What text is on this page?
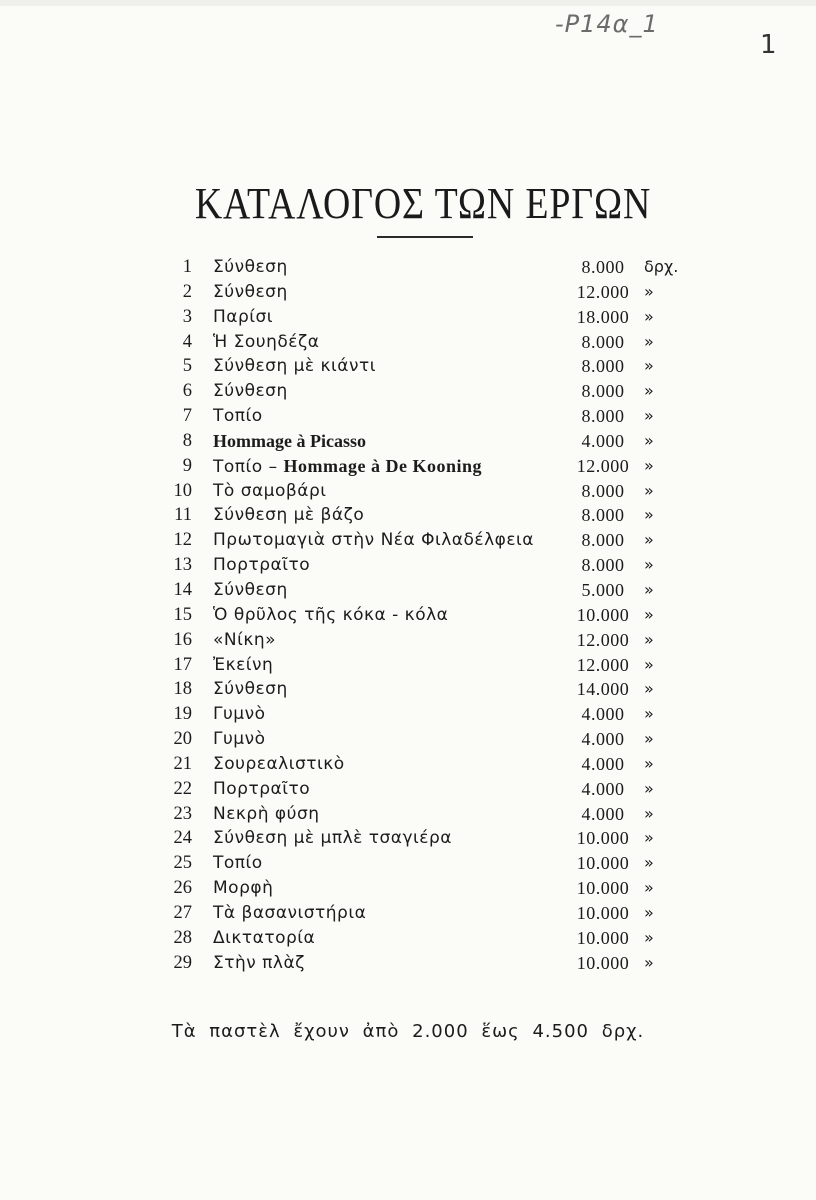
-Ρ14α_1
1
ΚΑΤΑΛΟΓΟΣ ΤΩΝ ΕΡΓΩΝ
1 Σύνθεση	8.000	δρχ.
2 Σύνθεση	12.000 »
3 Παρίσι	18.000 »
4 Ἡ Σουηδέζα	8.000	»
5 Σύνθεση μὲ κιάντι	8.000	»
6 Σύνθεση	8.000	»
7 Τοπίο	8.000	»
8 Hommage à Picasso	4.000	»
9 Τοπίο – Hommage à De Kooning	12.000 »
10 Τὸ σαμοβάρι	8.000	»
11 Σύνθεση μὲ βάζο	8.000	»
12 Πρωτομαγιὰ στὴν Νέα Φιλαδέλφεια	8.000	»
13 Πορτραῖτο	8.000	»
14 Σύνθεση	5.000	»
15 Ὁ θρῦλος τῆς κόκα - κόλα	10.000 »
16 «Νίκη»	12.000 »
17 Ἐκείνη	12.000 »
18 Σύνθεση	14.000 »
19 Γυμνὸ	4.000	»
20 Γυμνὸ	4.000	»
21 Σουρεαλιστικὸ	4.000	»
22 Πορτραῖτο	4.000	»
23 Νεκρὴ φύση	4.000	»
24 Σύνθεση μὲ μπλὲ τσαγιέρα	10.000 »
25 Τοπίο	10.000 »
26 Μορφὴ	10.000 »
27 Τὰ βασανιστήρια	10.000 »
28 Δικτατορία	10.000 »
29 Στὴν πλὰζ	10.000 »
Τὰ παστὲλ ἔχουν ἀπὸ 2.000 ἕως 4.500 δρχ.
